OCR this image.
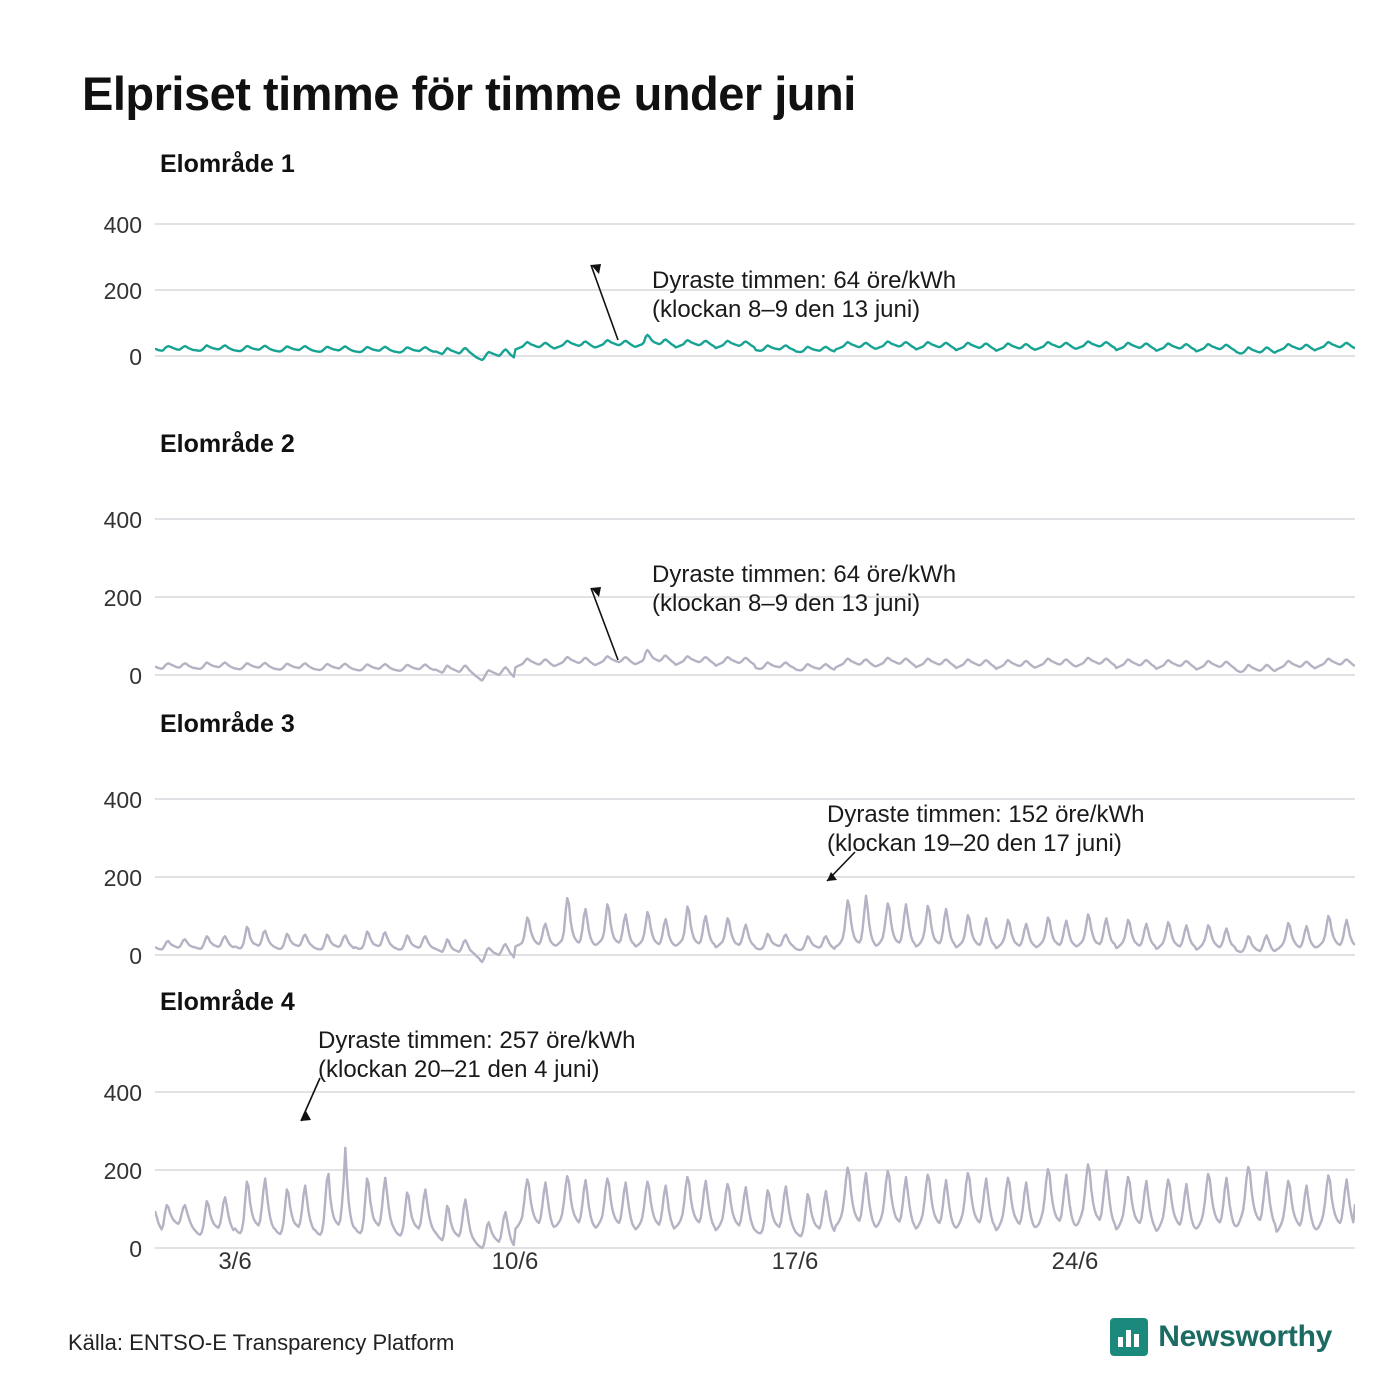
Elpriset timme för timme under juni
Elområde 1
400
200
0
Dyraste timmen: 64 öre/kWh
(klockan 8–9 den 13 juni)
Elområde 2
400
200
0
Dyraste timmen: 64 öre/kWh
(klockan 8–9 den 13 juni)
Elområde 3
400
200
0
Dyraste timmen: 152 öre/kWh
(klockan 19–20 den 17 juni)
Elområde 4
400
200
0
Dyraste timmen: 257 öre/kWh
(klockan 20–21 den 4 juni)
3/6	10/6	17/6	24/6
Källa: ENTSO-E Transparency Platform	Newsworthy
